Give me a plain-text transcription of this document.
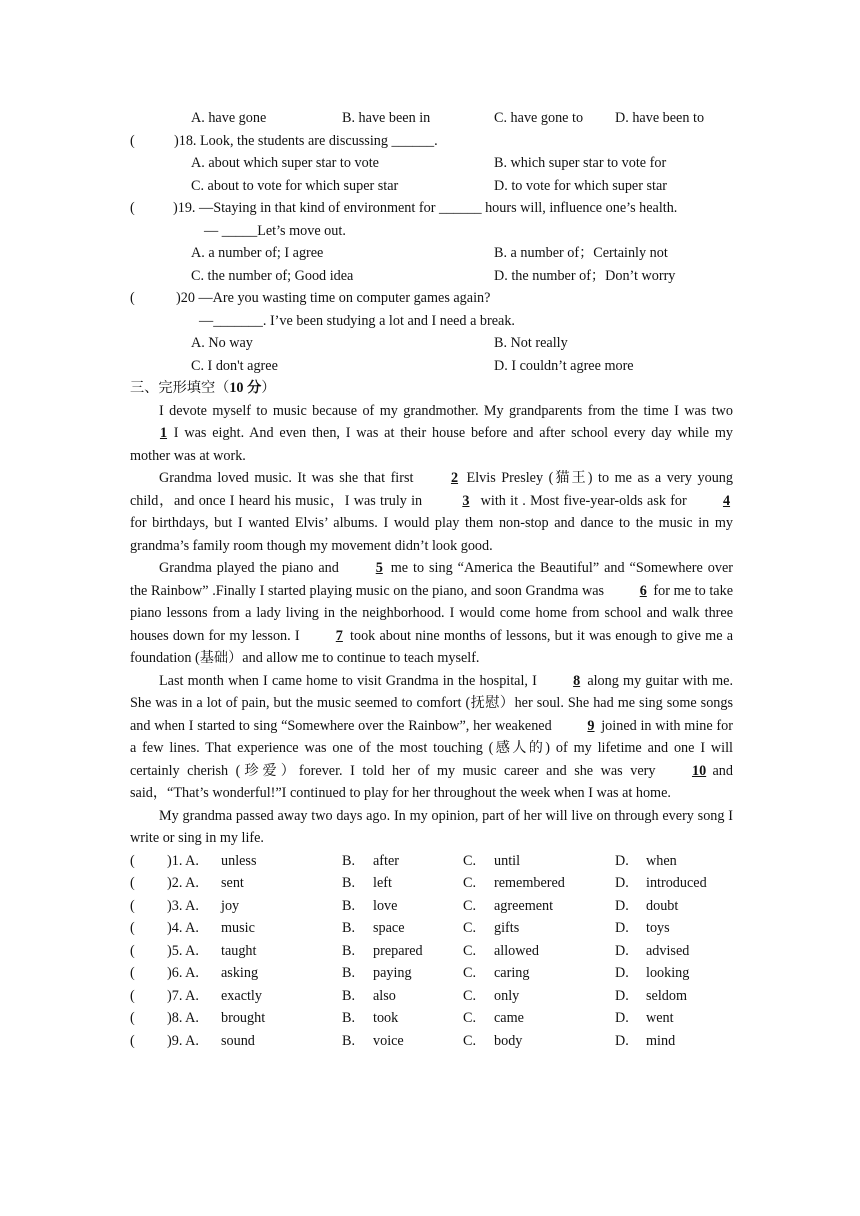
A. have gone	B. have been in	C. have gone to D. have been to
(	)18. Look, the students are discussing ______.
A. about which super star to vote	B. which super star to vote for
C. about to vote for which super star	D. to vote for which super star
(	)19. —Staying in that kind of environment for ______ hours will, influence one’s health.
— _____Let’s move out.
A. a number of; I agree	B. a number of；Certainly not
C. the number of; Good idea	D. the number of；Don’t worry
(	)20 —Are you wasting time on computer games again?
—_______. I’ve been studying a lot and I need a break.
A. No way	B. Not really
C. I don't agree	D. I couldn’t agree more
三、完形填空（10 分）

I devote myself to music because of my grandmother. My grandparents from the time I was two 1 I was eight. And even then, I was at their house before and after school every day while my mother was at work.

Grandma loved music. It was she that first 2 Elvis Presley (猫王) to me as a very young child，and once I heard his music，I was truly in	3 with it . Most five-year-olds ask for 4 for birthdays, but I wanted Elvis’ albums. I would play them non-stop and dance to the music in my grandma’s family room though my movement didn’t look good.

Grandma played the piano and 5 me to sing “America the Beautiful” and “Somewhere over the Rainbow” .Finally I started playing music on the piano, and soon Grandma was 6 for me to take piano lessons from a lady living in the neighborhood. I would come home from school and walk three houses down for my lesson. I 7 took about nine months of lessons, but it was enough to give me a foundation (基础）and allow me to continue to teach myself.

Last month when I came home to visit Grandma in the hospital, I 8 along my guitar with me. She was in a lot of pain, but the music seemed to comfort (抚慰）her soul. She had me sing some songs and when I started to sing “Somewhere over the Rainbow”, her weakened 9 joined in with mine for a few lines. That experience was one of the most touching (感人的) of my lifetime and one I will certainly cherish (珍爱）forever. I told her of my music career and she was very 10 and said，“That’s wonderful!”I continued to play for her throughout the week when I was at home.

My grandma passed away two days ago. In my opinion, part of her will live on through every song I write or sing in my life.

( )1. A. unless	B. after	C. until	D. when
( )2. A. sent	B. left	C. remembered	D. introduced
( )3. A. joy	B. love	C. agreement	D. doubt
( )4. A. music	B. space	C. gifts	D. toys
( )5. A. taught	B. prepared	C. allowed	D. advised
( )6. A. asking	B. paying	C. caring	D. looking
( )7. A. exactly	B. also	C. only	D. seldom
( )8. A. brought	B. took	C. came	D. went
( )9. A. sound	B. voice	C. body	D. mind
